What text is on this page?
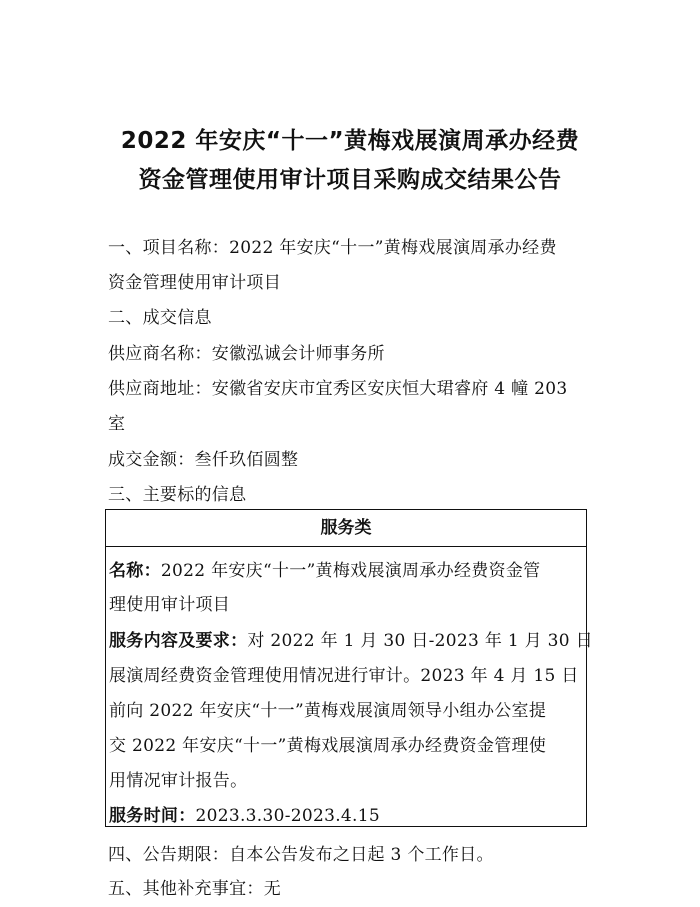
2022 年安庆“十一”黄梅戏展演周承办经费
资金管理使用审计项目采购成交结果公告
一、项目名称：2022 年安庆“十一”黄梅戏展演周承办经费
资金管理使用审计项目
二、成交信息
供应商名称：安徽泓诚会计师事务所
供应商地址：安徽省安庆市宜秀区安庆恒大珺睿府 4 幢 203
室
成交金额：叁仟玖佰圆整
三、主要标的信息
服务类
名称：2022 年安庆“十一”黄梅戏展演周承办经费资金管
理使用审计项目
服务内容及要求：对 2022 年 1 月 30 日-2023 年 1 月 30 日
展演周经费资金管理使用情况进行审计。2023 年 4 月 15 日
前向 2022 年安庆“十一”黄梅戏展演周领导小组办公室提
交 2022 年安庆“十一”黄梅戏展演周承办经费资金管理使
用情况审计报告。
服务时间：2023.3.30-2023.4.15
四、公告期限：自本公告发布之日起 3 个工作日。
五、其他补充事宜：无
